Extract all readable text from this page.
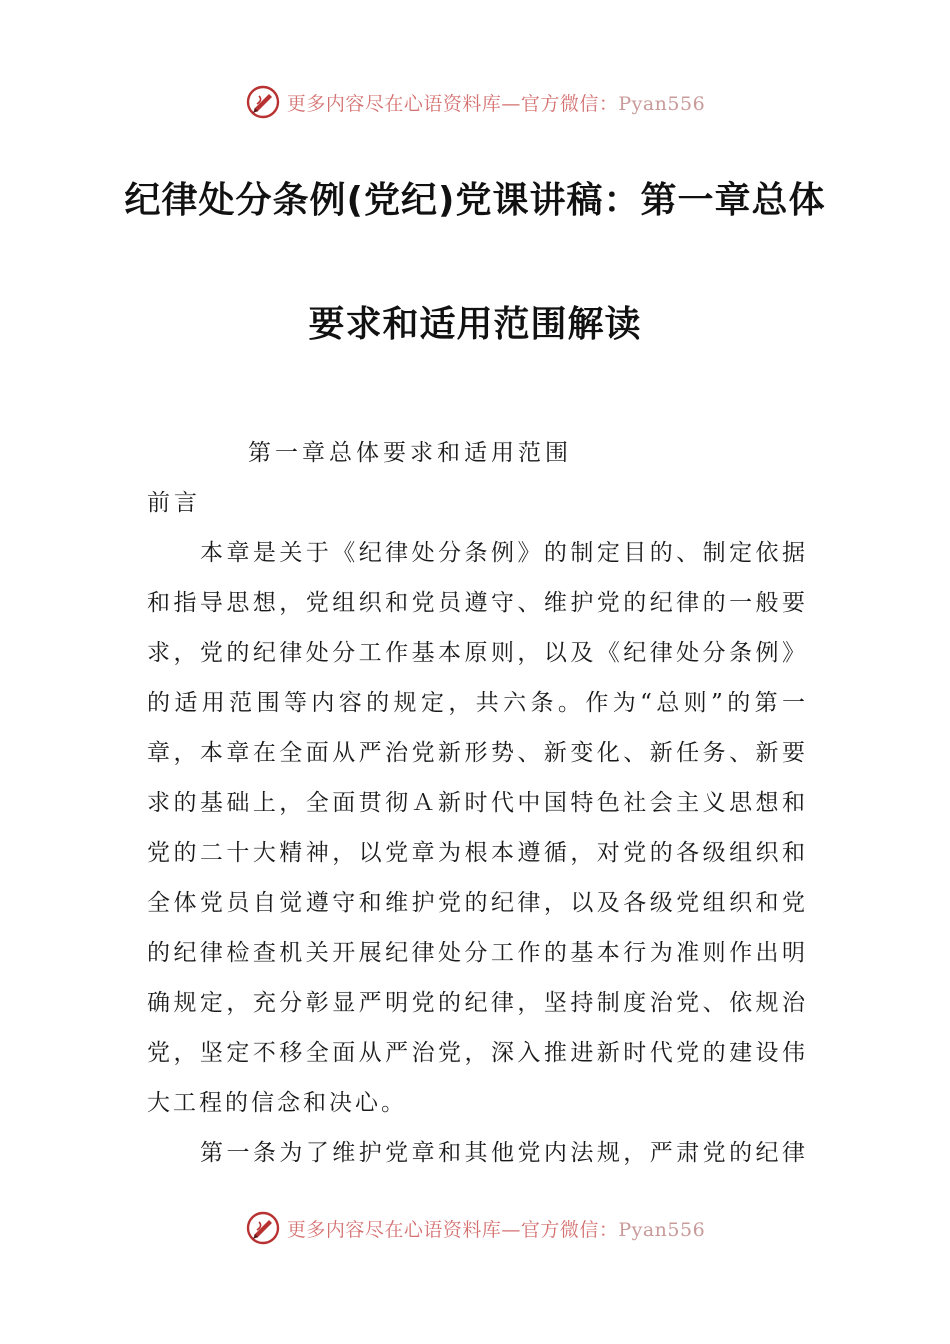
更多内容尽在心语资料库—官方微信：Pyan556
纪律处分条例(党纪)党课讲稿：第一章总体
要求和适用范围解读
第一章总体要求和适用范围
前言
本章是关于《纪律处分条例》的制定目的、制定依据
和指导思想，党组织和党员遵守、维护党的纪律的一般要
求，党的纪律处分工作基本原则，以及《纪律处分条例》
的适用范围等内容的规定，共六条。作为“总则”的第一
章，本章在全面从严治党新形势、新变化、新任务、新要
求的基础上，全面贯彻Ａ新时代中国特色社会主义思想和
党的二十大精神，以党章为根本遵循，对党的各级组织和
全体党员自觉遵守和维护党的纪律，以及各级党组织和党
的纪律检查机关开展纪律处分工作的基本行为准则作出明
确规定，充分彰显严明党的纪律，坚持制度治党、依规治
党，坚定不移全面从严治党，深入推进新时代党的建设伟
大工程的信念和决心。
第一条为了维护党章和其他党内法规，严肃党的纪律
更多内容尽在心语资料库—官方微信：Pyan556
